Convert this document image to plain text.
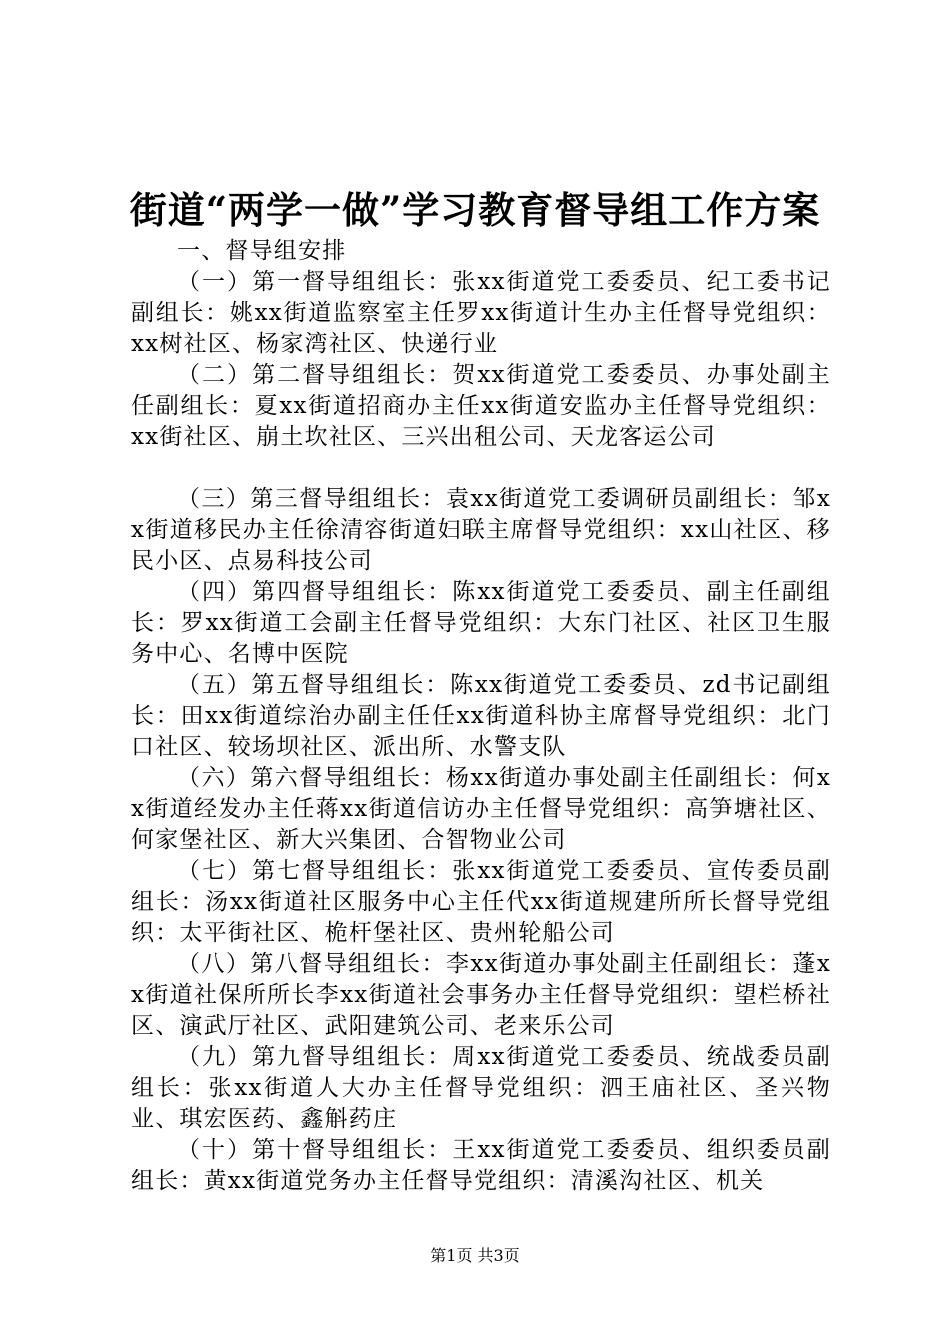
街道“两学一做”学习教育督导组工作方案

一、督导组安排

（一）第一督导组组长：张xx街道党工委委员、纪工委书记副组长：姚xx街道监察室主任罗xx街道计生办主任督导党组织：xx树社区、杨家湾社区、快递行业

（二）第二督导组组长：贺xx街道党工委委员、办事处副主任副组长：夏xx街道招商办主任xx街道安监办主任督导党组织：xx街社区、崩土坎社区、三兴出租公司、天龙客运公司

（三）第三督导组组长：袁xx街道党工委调研员副组长：邹xx街道移民办主任徐清容街道妇联主席督导党组织：xx山社区、移民小区、点易科技公司

（四）第四督导组组长：陈xx街道党工委委员、副主任副组长：罗xx街道工会副主任督导党组织：大东门社区、社区卫生服务中心、名博中医院

（五）第五督导组组长：陈xx街道党工委委员、zd书记副组长：田xx街道综治办副主任任xx街道科协主席督导党组织：北门口社区、较场坝社区、派出所、水警支队

（六）第六督导组组长：杨xx街道办事处副主任副组长：何xx街道经发办主任蒋xx街道信访办主任督导党组织：高笋塘社区、何家堡社区、新大兴集团、合智物业公司

（七）第七督导组组长：张xx街道党工委委员、宣传委员副组长：汤xx街道社区服务中心主任代xx街道规建所所长督导党组织：太平街社区、桅杆堡社区、贵州轮船公司

（八）第八督导组组长：李xx街道办事处副主任副组长：蓬xx街道社保所所长李xx街道社会事务办主任督导党组织：望栏桥社区、演武厅社区、武阳建筑公司、老来乐公司

（九）第九督导组组长：周xx街道党工委委员、统战委员副组长：张xx街道人大办主任督导党组织：泗王庙社区、圣兴物业、琪宏医药、鑫斛药庄

（十）第十督导组组长：王xx街道党工委委员、组织委员副组长：黄xx街道党务办主任督导党组织：清溪沟社区、机关

第1页 共3页
